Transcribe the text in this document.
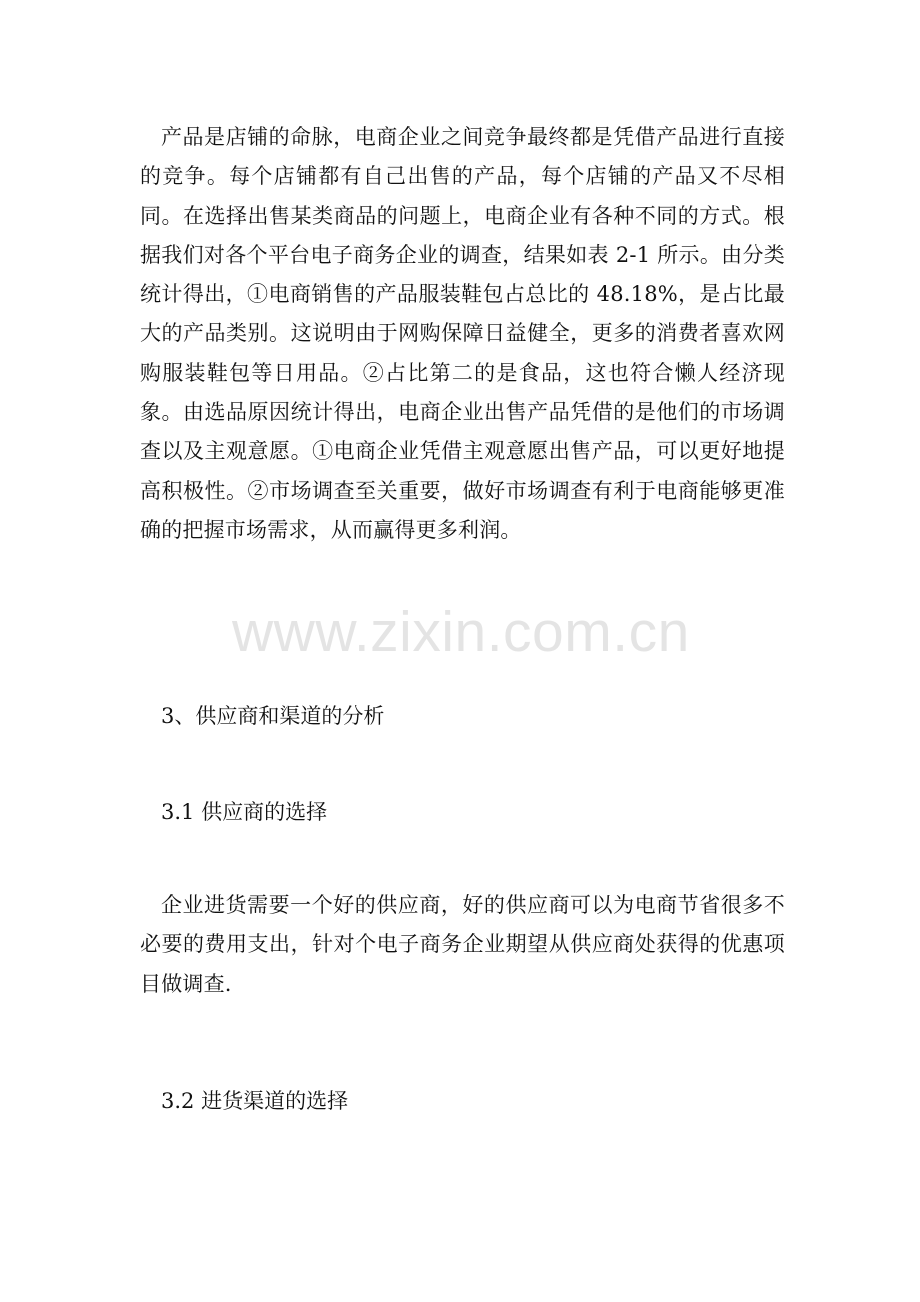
产品是店铺的命脉，电商企业之间竞争最终都是凭借产品进行直接的竞争。每个店铺都有自己出售的产品，每个店铺的产品又不尽相同。在选择出售某类商品的问题上，电商企业有各种不同的方式。根据我们对各个平台电子商务企业的调查，结果如表 2-1 所示。由分类统计得出，①电商销售的产品服装鞋包占总比的 48.18%，是占比最大的产品类别。这说明由于网购保障日益健全，更多的消费者喜欢网购服装鞋包等日用品。②占比第二的是食品，这也符合懒人经济现象。由选品原因统计得出，电商企业出售产品凭借的是他们的市场调查以及主观意愿。①电商企业凭借主观意愿出售产品，可以更好地提高积极性。②市场调查至关重要，做好市场调查有利于电商能够更准确的把握市场需求，从而赢得更多利润。

www.zixin.com.cn
3、供应商和渠道的分析
3.1 供应商的选择

企业进货需要一个好的供应商，好的供应商可以为电商节省很多不必要的费用支出，针对个电子商务企业期望从供应商处获得的优惠项目做调查.

3.2 进货渠道的选择
